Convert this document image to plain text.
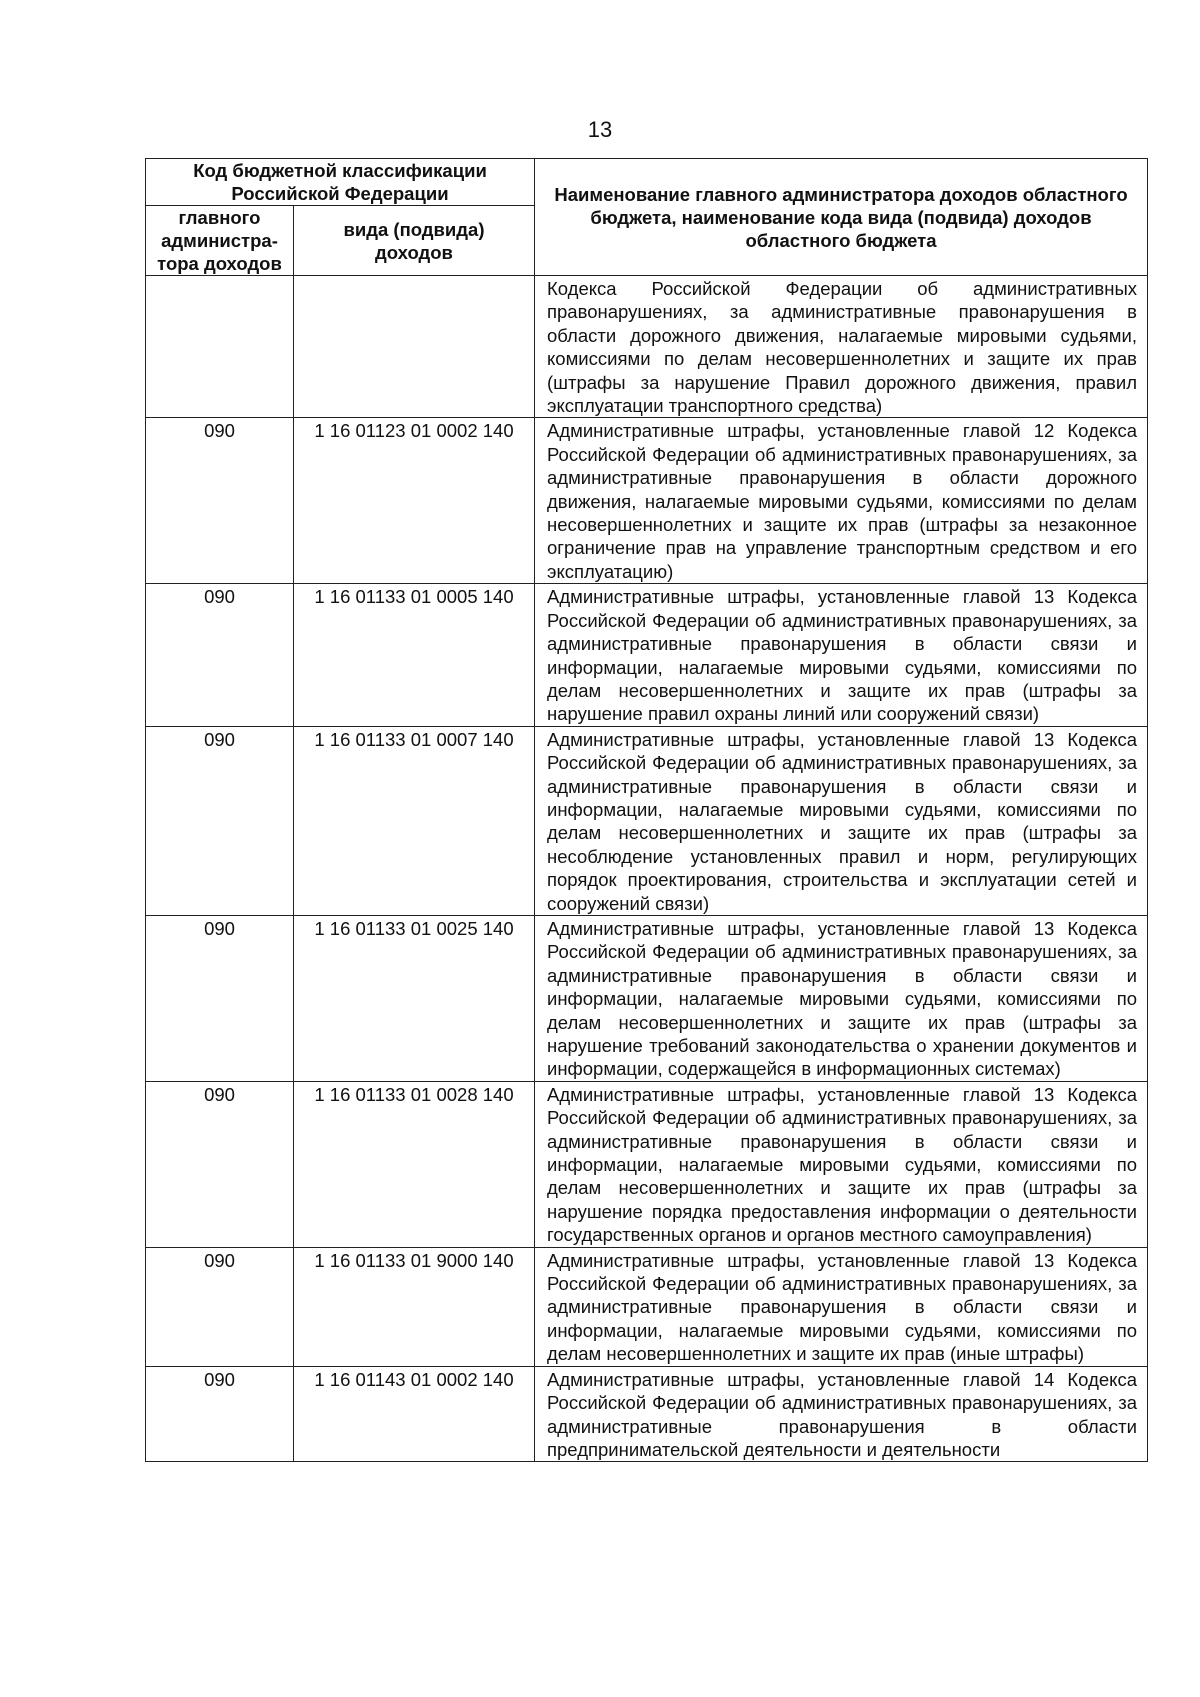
13
Код бюджетной классификации Российской Федерации		Наименование главного администратора доходов областного бюджета, наименование кода вида (подвида) доходов областного бюджета
главного администра-тора доходов	вида (подвида) доходов	
		Кодекса Российской Федерации об административных правонарушениях, за административные правонарушения в области дорожного движения, налагаемые мировыми судьями, комиссиями по делам несовершеннолетних и защите их прав (штрафы за нарушение Правил дорожного движения, правил эксплуатации транспортного средства)
090	1 16 01123 01 0002 140	Административные штрафы, установленные главой 12 Кодекса Российской Федерации об административных правонарушениях, за административные правонарушения в области дорожного движения, налагаемые мировыми судьями, комиссиями по делам несовершеннолетних и защите их прав (штрафы за незаконное ограничение прав на управление транспортным средством и его эксплуатацию)
090	1 16 01133 01 0005 140	Административные штрафы, установленные главой 13 Кодекса Российской Федерации об административных правонарушениях, за административные правонарушения в области связи и информации, налагаемые мировыми судьями, комиссиями по делам несовершеннолетних и защите их прав (штрафы за нарушение правил охраны линий или сооружений связи)
090	1 16 01133 01 0007 140	Административные штрафы, установленные главой 13 Кодекса Российской Федерации об административных правонарушениях, за административные правонарушения в области связи и информации, налагаемые мировыми судьями, комиссиями по делам несовершеннолетних и защите их прав (штрафы за несоблюдение установленных правил и норм, регулирующих порядок проектирования, строительства и эксплуатации сетей и сооружений связи)
090	1 16 01133 01 0025 140	Административные штрафы, установленные главой 13 Кодекса Российской Федерации об административных правонарушениях, за административные правонарушения в области связи и информации, налагаемые мировыми судьями, комиссиями по делам несовершеннолетних и защите их прав (штрафы за нарушение требований законодательства о хранении документов и информации, содержащейся в информационных системах)
090	1 16 01133 01 0028 140	Административные штрафы, установленные главой 13 Кодекса Российской Федерации об административных правонарушениях, за административные правонарушения в области связи и информации, налагаемые мировыми судьями, комиссиями по делам несовершеннолетних и защите их прав (штрафы за нарушение порядка предоставления информации о деятельности государственных органов и органов местного самоуправления)
090	1 16 01133 01 9000 140	Административные штрафы, установленные главой 13 Кодекса Российской Федерации об административных правонарушениях, за административные правонарушения в области связи и информации, налагаемые мировыми судьями, комиссиями по делам несовершеннолетних и защите их прав (иные штрафы)
090	1 16 01143 01 0002 140	Административные штрафы, установленные главой 14 Кодекса Российской Федерации об административных правонарушениях, за административные правонарушения в области предпринимательской деятельности и деятельности
